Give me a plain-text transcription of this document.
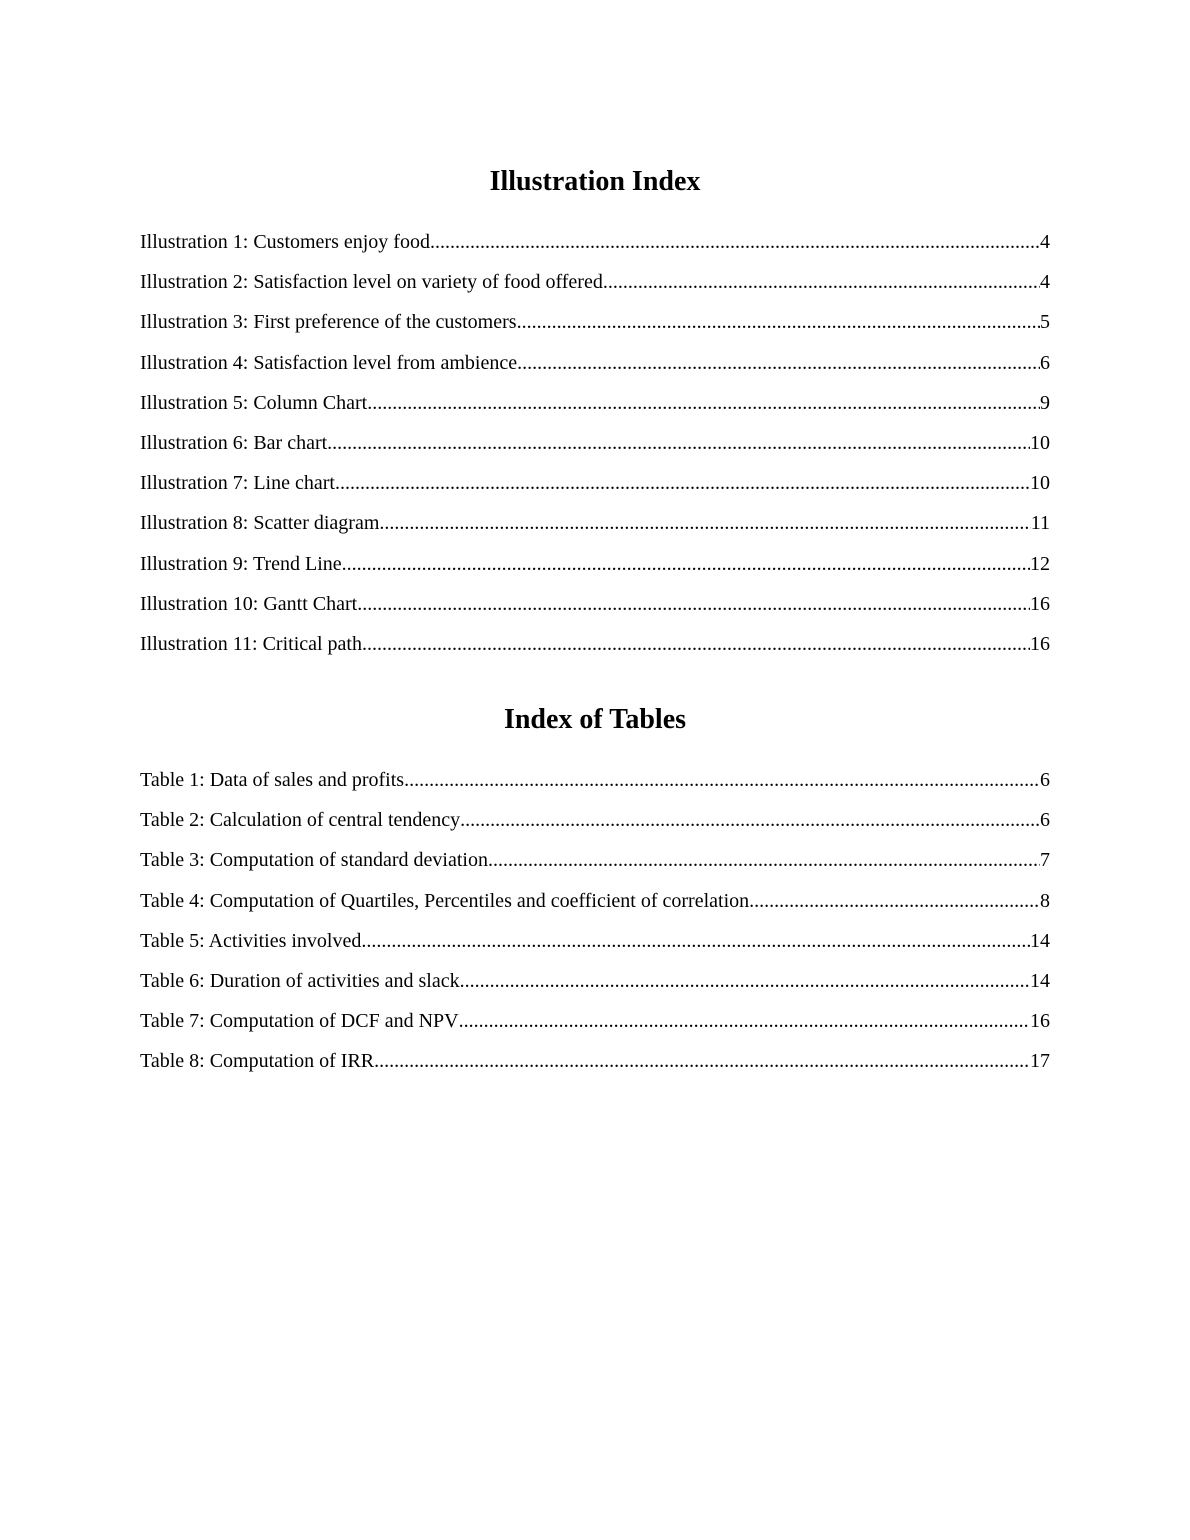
Illustration Index
Illustration 1: Customers enjoy food .....	4
Illustration 2: Satisfaction level on variety of food offered .....	4
Illustration 3: First preference of the customers .....	5
Illustration 4: Satisfaction level from ambience .....	6
Illustration 5: Column Chart .....	9
Illustration 6: Bar chart .....	10
Illustration 7: Line chart .....	10
Illustration 8: Scatter diagram .....	11
Illustration 9: Trend Line .....	12
Illustration 10: Gantt Chart .....	16
Illustration 11: Critical path .....	16
Index of Tables
Table 1: Data of sales and profits .....	6
Table 2: Calculation of central tendency .....	6
Table 3: Computation of standard deviation .....	7
Table 4: Computation of Quartiles, Percentiles and coefficient of correlation .....	8
Table 5: Activities involved .....	14
Table 6: Duration of activities and slack .....	14
Table 7: Computation of DCF and NPV .....	16
Table 8: Computation of IRR .....	17
